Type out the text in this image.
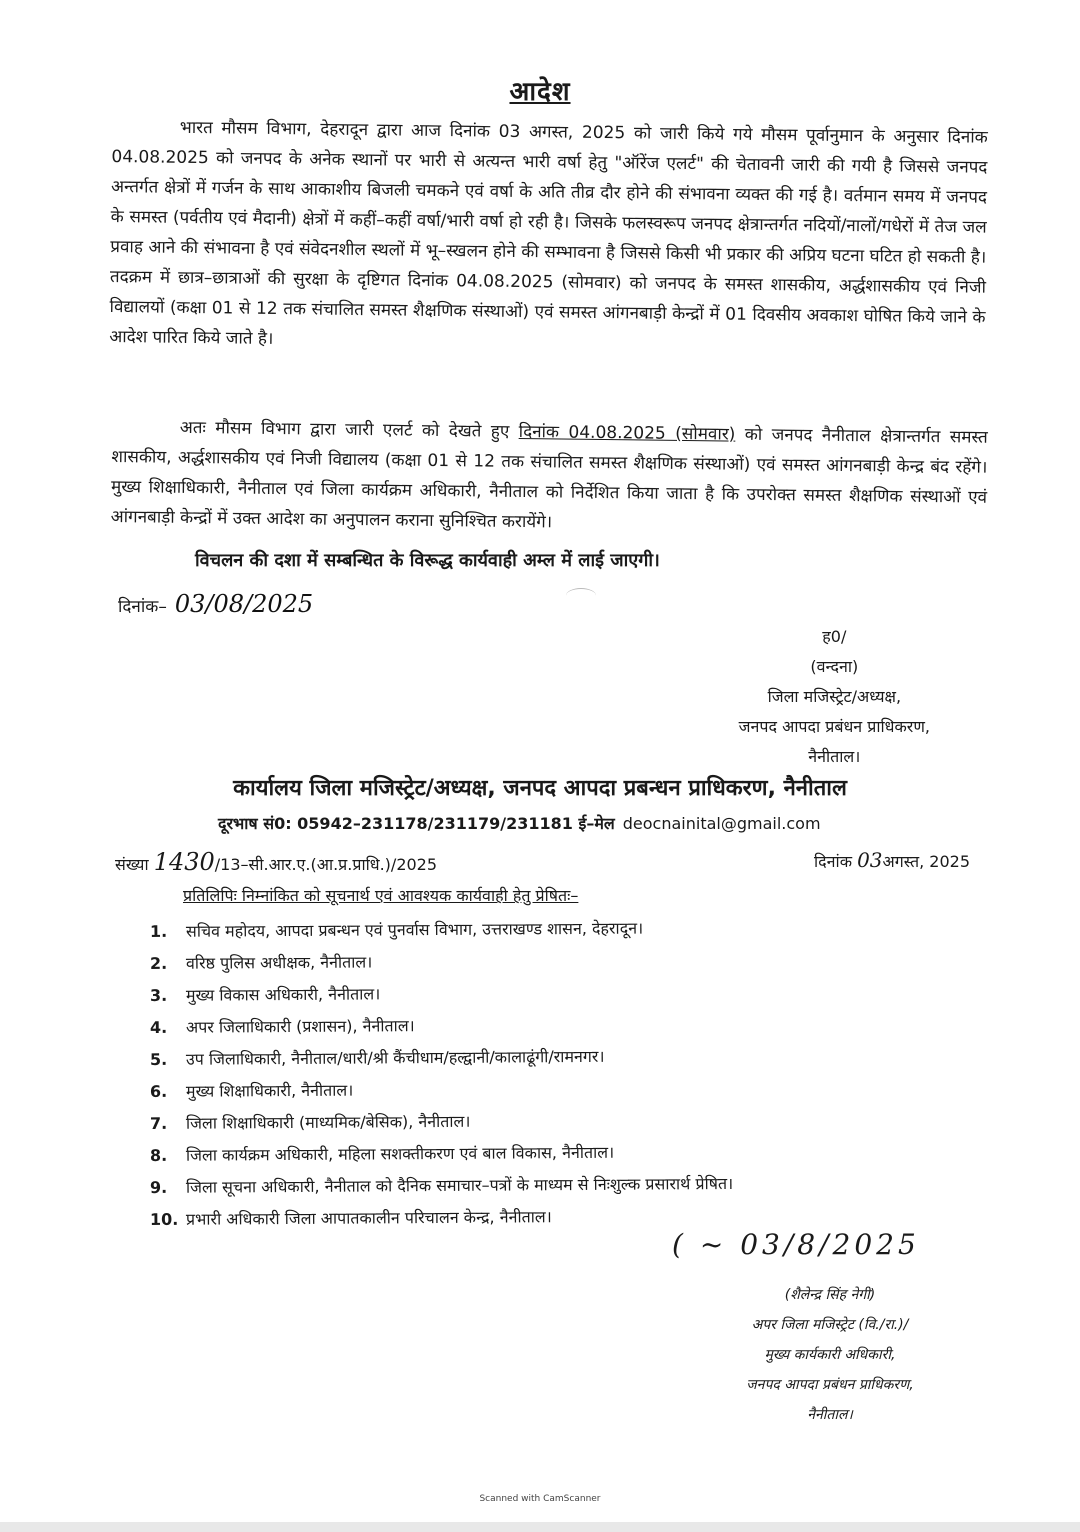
आदेश
भारत मौसम विभाग, देहरादून द्वारा आज दिनांक 03 अगस्त, 2025 को जारी किये गये मौसम पूर्वानुमान के अनुसार दिनांक 04.08.2025 को जनपद के अनेक स्थानों पर भारी से अत्यन्त भारी वर्षा हेतु "ऑरेंज एलर्ट" की चेतावनी जारी की गयी है जिससे जनपद अन्तर्गत क्षेत्रों में गर्जन के साथ आकाशीय बिजली चमकने एवं वर्षा के अति तीव्र दौर होने की संभावना व्यक्त की गई है। वर्तमान समय में जनपद के समस्त (पर्वतीय एवं मैदानी) क्षेत्रों में कहीं–कहीं वर्षा/भारी वर्षा हो रही है। जिसके फलस्वरूप जनपद क्षेत्रान्तर्गत नदियों/नालों/गधेरों में तेज जल प्रवाह आने की संभावना है एवं संवेदनशील स्थलों में भू–स्खलन होने की सम्भावना है जिससे किसी भी प्रकार की अप्रिय घटना घटित हो सकती है। तदक्रम में छात्र–छात्राओं की सुरक्षा के दृष्टिगत दिनांक 04.08.2025 (सोमवार) को जनपद के समस्त शासकीय, अर्द्धशासकीय एवं निजी विद्यालयों (कक्षा 01 से 12 तक संचालित समस्त शैक्षणिक संस्थाओं) एवं समस्त आंगनबाड़ी केन्द्रों में 01 दिवसीय अवकाश घोषित किये जाने के आदेश पारित किये जाते है।
अतः मौसम विभाग द्वारा जारी एलर्ट को देखते हुए दिनांक 04.08.2025 (सोमवार) को जनपद नैनीताल क्षेत्रान्तर्गत समस्त शासकीय, अर्द्धशासकीय एवं निजी विद्यालय (कक्षा 01 से 12 तक संचालित समस्त शैक्षणिक संस्थाओं) एवं समस्त आंगनबाड़ी केन्द्र बंद रहेंगे। मुख्य शिक्षाधिकारी, नैनीताल एवं जिला कार्यक्रम अधिकारी, नैनीताल को निर्देशित किया जाता है कि उपरोक्त समस्त शैक्षणिक संस्थाओं एवं आंगनबाड़ी केन्द्रों में उक्त आदेश का अनुपालन कराना सुनिश्चित करायेंगे।
विचलन की दशा में सम्बन्धित के विरूद्ध कार्यवाही अम्ल में लाई जाएगी।
दिनांक– 03/08/2025
ह0/
(वन्दना)
जिला मजिस्ट्रेट/अध्यक्ष,
जनपद आपदा प्रबंधन प्राधिकरण,
नैनीताल।
कार्यालय जिला मजिस्ट्रेट/अध्यक्ष, जनपद आपदा प्रबन्धन प्राधिकरण, नैनीताल
दूरभाष सं0: 05942–231178/231179/231181 ई–मेल deocnainital@gmail.com
संख्या 1430/13–सी.आर.ए.(आ.प्र.प्राधि.)/2025	दिनांक 03अगस्त, 2025
प्रतिलिपिः निम्नांकित को सूचनार्थ एवं आवश्यक कार्यवाही हेतु प्रेषितः–
1. सचिव महोदय, आपदा प्रबन्धन एवं पुनर्वास विभाग, उत्तराखण्ड शासन, देहरादून।
2. वरिष्ठ पुलिस अधीक्षक, नैनीताल।
3. मुख्य विकास अधिकारी, नैनीताल।
4. अपर जिलाधिकारी (प्रशासन), नैनीताल।
5. उप जिलाधिकारी, नैनीताल/धारी/श्री कैंचीधाम/हल्द्वानी/कालाढूंगी/रामनगर।
6. मुख्य शिक्षाधिकारी, नैनीताल।
7. जिला शिक्षाधिकारी (माध्यमिक/बेसिक), नैनीताल।
8. जिला कार्यक्रम अधिकारी, महिला सशक्तीकरण एवं बाल विकास, नैनीताल।
9. जिला सूचना अधिकारी, नैनीताल को दैनिक समाचार–पत्रों के माध्यम से निःशुल्क प्रसारार्थ प्रेषित।
10. प्रभारी अधिकारी जिला आपातकालीन परिचालन केन्द्र, नैनीताल।
( ~ 03/8/2025
(शैलेन्द्र सिंह नेगी)
अपर जिला मजिस्ट्रेट (वि./रा.)/
मुख्य कार्यकारी अधिकारी,
जनपद आपदा प्रबंधन प्राधिकरण,
नैनीताल।
Scanned with CamScanner
